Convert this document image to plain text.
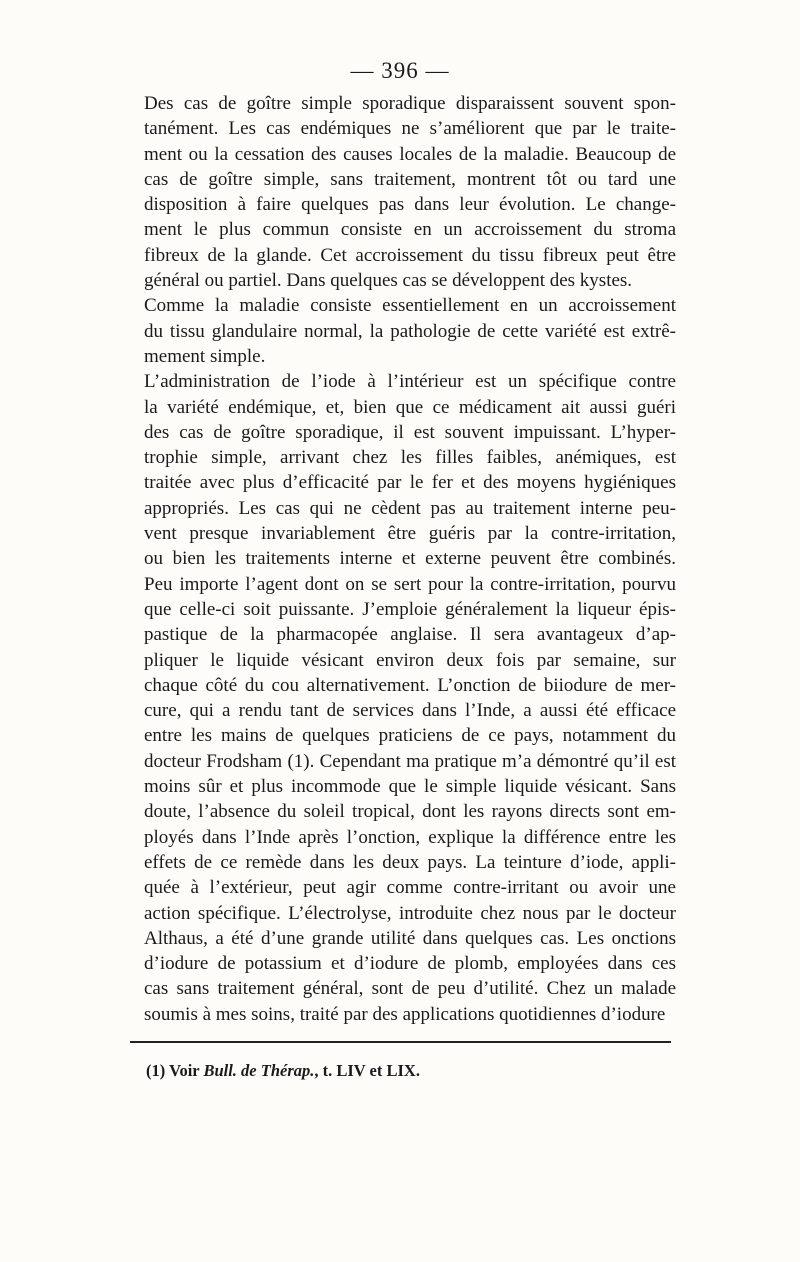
— 396 —

Des cas de goître simple sporadique disparaissent souvent spon-
tanément. Les cas endémiques ne s’améliorent que par le traite-
ment ou la cessation des causes locales de la maladie. Beaucoup de
cas de goître simple, sans traitement, montrent tôt ou tard une
disposition à faire quelques pas dans leur évolution. Le change-
ment le plus commun consiste en un accroissement du stroma
fibreux de la glande. Cet accroissement du tissu fibreux peut être
général ou partiel. Dans quelques cas se développent des kystes.

Comme la maladie consiste essentiellement en un accroissement
du tissu glandulaire normal, la pathologie de cette variété est extrê-
mement simple.

L’administration de l’iode à l’intérieur est un spécifique contre
la variété endémique, et, bien que ce médicament ait aussi guéri
des cas de goître sporadique, il est souvent impuissant. L’hyper-
trophie simple, arrivant chez les filles faibles, anémiques, est
traitée avec plus d’efficacité par le fer et des moyens hygiéniques
appropriés. Les cas qui ne cèdent pas au traitement interne peu-
vent presque invariablement être guéris par la contre-irritation,
ou bien les traitements interne et externe peuvent être combinés.
Peu importe l’agent dont on se sert pour la contre-irritation, pourvu
que celle-ci soit puissante. J’emploie généralement la liqueur épis-
pastique de la pharmacopée anglaise. Il sera avantageux d’ap-
pliquer le liquide vésicant environ deux fois par semaine, sur
chaque côté du cou alternativement. L’onction de biiodure de mer-
cure, qui a rendu tant de services dans l’Inde, a aussi été efficace
entre les mains de quelques praticiens de ce pays, notamment du
docteur Frodsham (1). Cependant ma pratique m’a démontré qu’il est
moins sûr et plus incommode que le simple liquide vésicant. Sans
doute, l’absence du soleil tropical, dont les rayons directs sont em-
ployés dans l’Inde après l’onction, explique la différence entre les
effets de ce remède dans les deux pays. La teinture d’iode, appli-
quée à l’extérieur, peut agir comme contre-irritant ou avoir une
action spécifique. L’électrolyse, introduite chez nous par le docteur
Althaus, a été d’une grande utilité dans quelques cas. Les onctions
d’iodure de potassium et d’iodure de plomb, employées dans ces
cas sans traitement général, sont de peu d’utilité. Chez un malade
soumis à mes soins, traité par des applications quotidiennes d’iodure

(1) Voir Bull. de Thérap., t. LIV et LIX.
